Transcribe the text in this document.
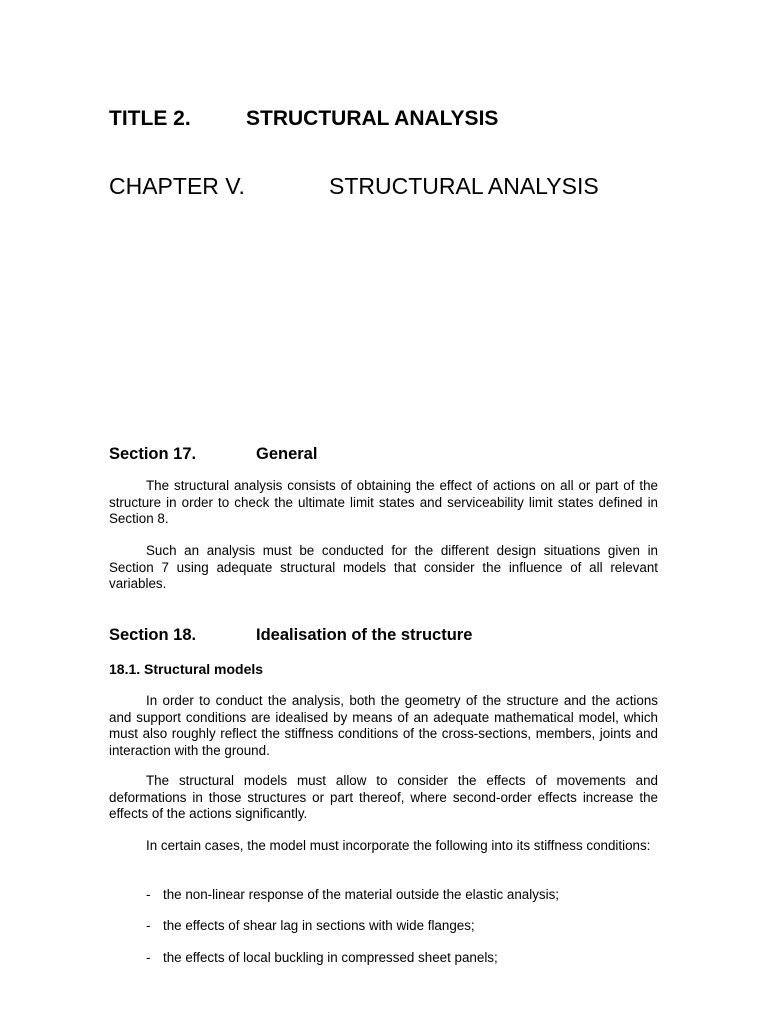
TITLE 2.	STRUCTURAL ANALYSIS
CHAPTER V.	STRUCTURAL ANALYSIS
Section 17.	General

The structural analysis consists of obtaining the effect of actions on all or part of the structure in order to check the ultimate limit states and serviceability limit states defined in Section 8.

Such an analysis must be conducted for the different design situations given in Section 7 using adequate structural models that consider the influence of all relevant variables.

Section 18.	Idealisation of the structure
18.1. Structural models

In order to conduct the analysis, both the geometry of the structure and the actions and support conditions are idealised by means of an adequate mathematical model, which must also roughly reflect the stiffness conditions of the cross-sections, members, joints and interaction with the ground.

The structural models must allow to consider the effects of movements and deformations in those structures or part thereof, where second-order effects increase the effects of the actions significantly.

In certain cases, the model must incorporate the following into its stiffness conditions:

- the non-linear response of the material outside the elastic analysis;
- the effects of shear lag in sections with wide flanges;
- the effects of local buckling in compressed sheet panels;
